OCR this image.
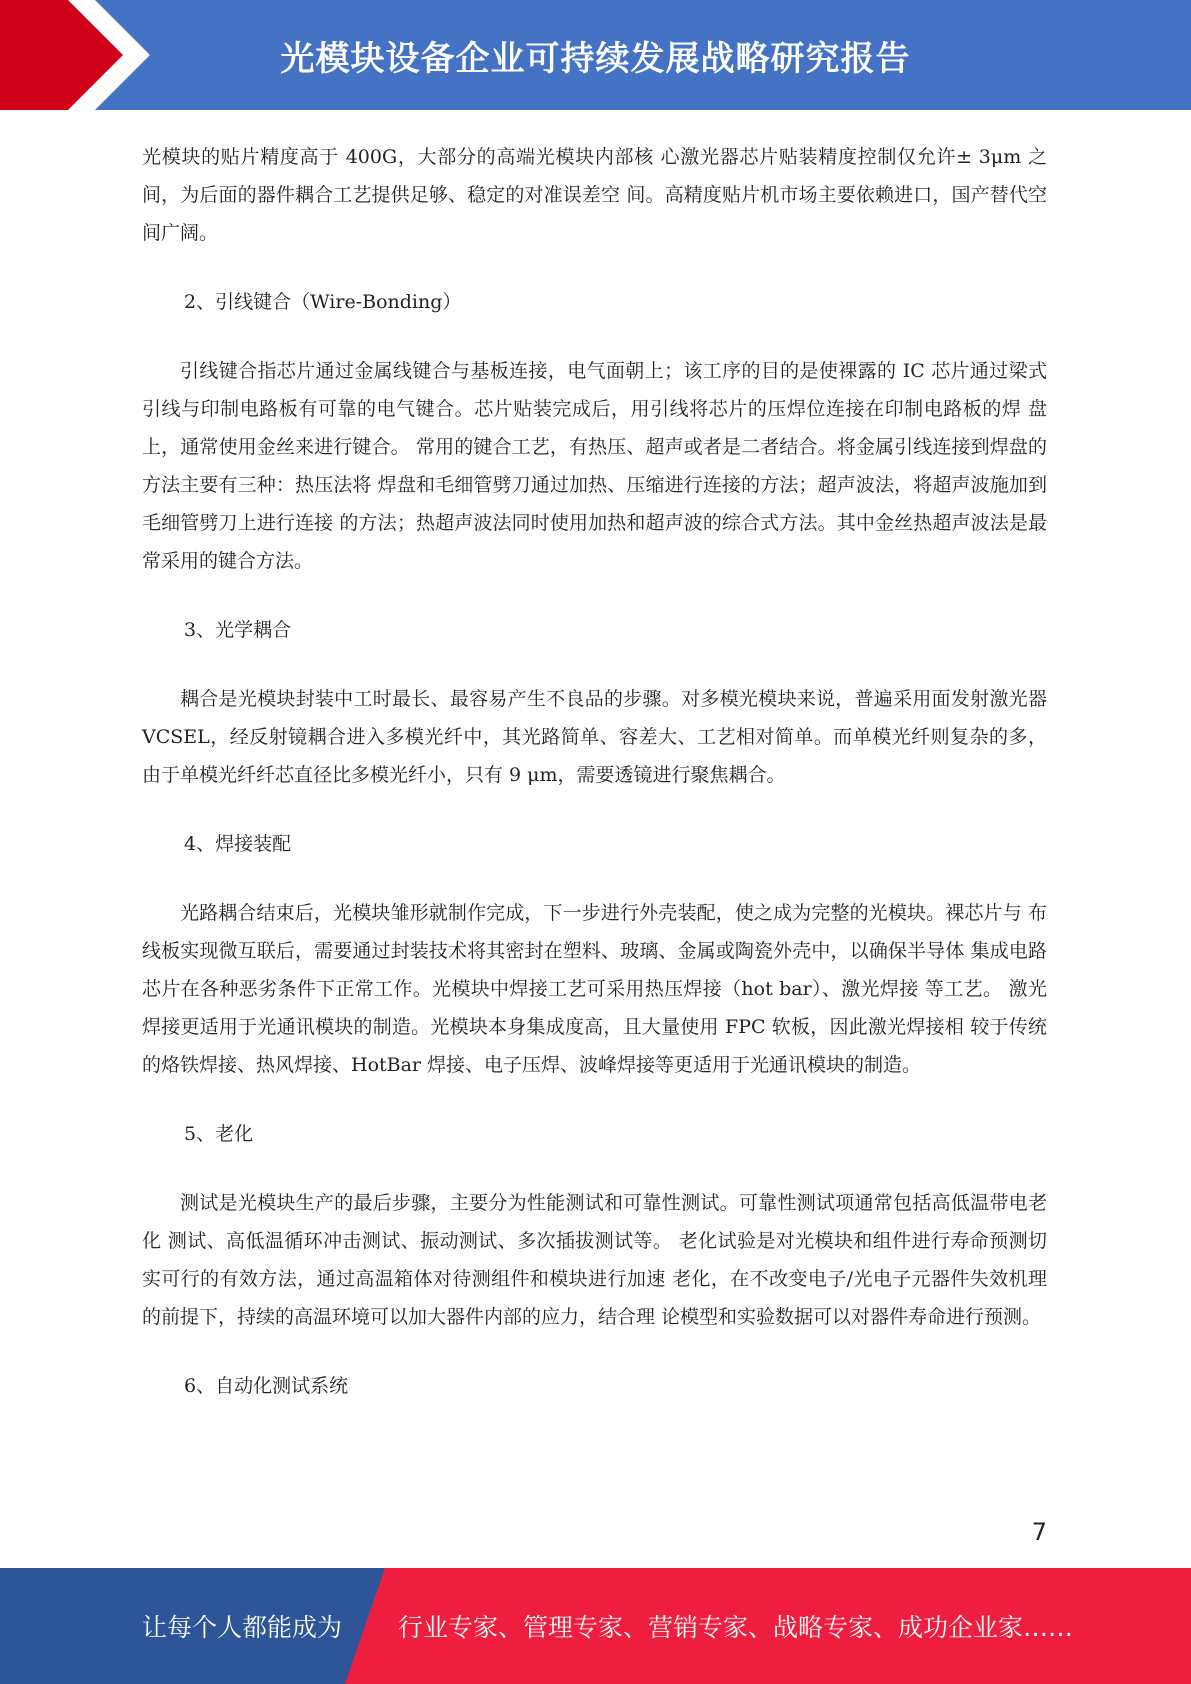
光模块设备企业可持续发展战略研究报告

光模块的贴片精度高于 400G，大部分的高端光模块内部核 心激光器芯片贴装精度控制仅允许± 3μm 之间，为后面的器件耦合工艺提供足够、稳定的对准误差空 间。高精度贴片机市场主要依赖进口，国产替代空间广阔。

2、引线键合（Wire-Bonding）

引线键合指芯片通过金属线键合与基板连接，电气面朝上；该工序的目的是使裸露的 IC 芯片通过梁式 引线与印制电路板有可靠的电气键合。芯片贴装完成后，用引线将芯片的压焊位连接在印制电路板的焊 盘上，通常使用金丝来进行键合。 常用的键合工艺，有热压、超声或者是二者结合。将金属引线连接到焊盘的方法主要有三种：热压法将 焊盘和毛细管劈刀通过加热、压缩进行连接的方法；超声波法，将超声波施加到毛细管劈刀上进行连接 的方法；热超声波法同时使用加热和超声波的综合式方法。其中金丝热超声波法是最常采用的键合方法。

3、光学耦合

耦合是光模块封装中工时最长、最容易产生不良品的步骤。对多模光模块来说，普遍采用面发射激光器 VCSEL，经反射镜耦合进入多模光纤中，其光路简单、容差大、工艺相对简单。而单模光纤则复杂的多， 由于单模光纤纤芯直径比多模光纤小，只有 9 μm，需要透镜进行聚焦耦合。

4、焊接装配

光路耦合结束后，光模块雏形就制作完成，下一步进行外壳装配，使之成为完整的光模块。裸芯片与 布线板实现微互联后，需要通过封装技术将其密封在塑料、玻璃、金属或陶瓷外壳中，以确保半导体 集成电路芯片在各种恶劣条件下正常工作。光模块中焊接工艺可采用热压焊接（hot bar）、激光焊接 等工艺。 激光焊接更适用于光通讯模块的制造。光模块本身集成度高，且大量使用 FPC 软板，因此激光焊接相 较于传统的烙铁焊接、热风焊接、HotBar 焊接、电子压焊、波峰焊接等更适用于光通讯模块的制造。

5、老化

测试是光模块生产的最后步骤，主要分为性能测试和可靠性测试。可靠性测试项通常包括高低温带电老化 测试、高低温循环冲击测试、振动测试、多次插拔测试等。 老化试验是对光模块和组件进行寿命预测切实可行的有效方法，通过高温箱体对待测组件和模块进行加速 老化，在不改变电子/光电子元器件失效机理的前提下，持续的高温环境可以加大器件内部的应力，结合理 论模型和实验数据可以对器件寿命进行预测。

6、自动化测试系统

7
让每个人都能成为 行业专家、管理专家、营销专家、战略专家、成功企业家……
